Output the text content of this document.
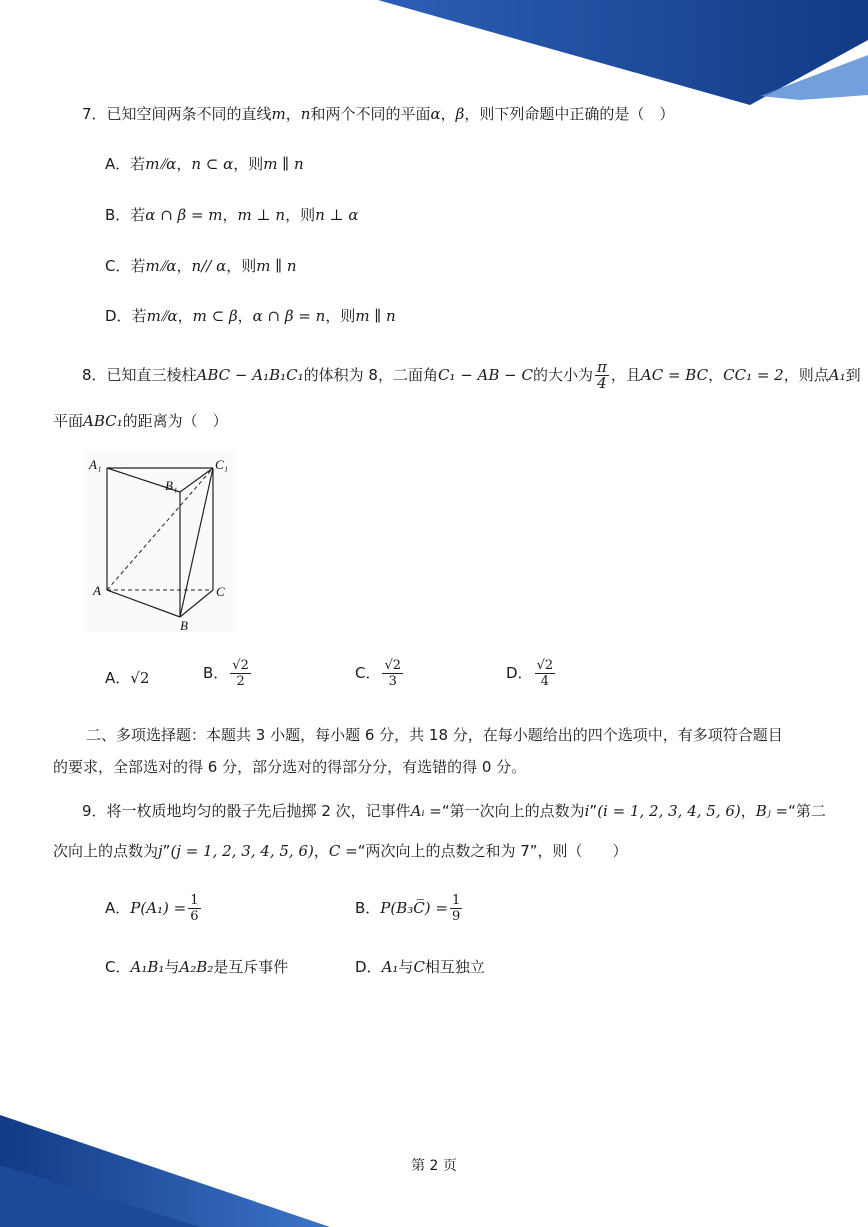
7．已知空间两条不同的直线m，n和两个不同的平面α，β，则下列命题中正确的是（　）
A．若m⫽α，n ⊂ α，则m ∥ n
B．若α ∩ β = m，m ⊥ n，则n ⊥ α
C．若m⫽α，n// α，则m ∥ n
D．若m⫽α，m ⊂ β，α ∩ β = n，则m ∥ n
8．已知直三棱柱ABC − A₁B₁C₁的体积为 8，二面角C₁ − AB − C的大小为 $\frac{\pi}{4}$ ，且AC = BC，CC₁ = 2，则点A₁到
平面ABC₁的距离为（　）
A₁	C₁
B₁
A	C
B
A．√2	B． $\frac{√2}{2}$	C． $\frac{√2}{3}$	D． $\frac{√2}{4}$
二、多项选择题：本题共 3 小题，每小题 6 分，共 18 分，在每小题给出的四个选项中，有多项符合题目
的要求，全部选对的得 6 分，部分选对的得部分分，有选错的得 0 分。
9．将一枚质地均匀的骰子先后抛掷 2 次，记事件Aᵢ =“第一次向上的点数为i”(i = 1, 2, 3, 4, 5, 6)，Bⱼ =“第二
次向上的点数为j”(j = 1, 2, 3, 4, 5, 6)，C =“两次向上的点数之和为 7”，则（　　）
A．$P(A_1) = \frac{1}{6}$	B．P(B₃C̅) = $\frac{1}{9}$
C．A₁B₁与A₂B₂是互斥事件	D．A₁与C相互独立
第 2 页
